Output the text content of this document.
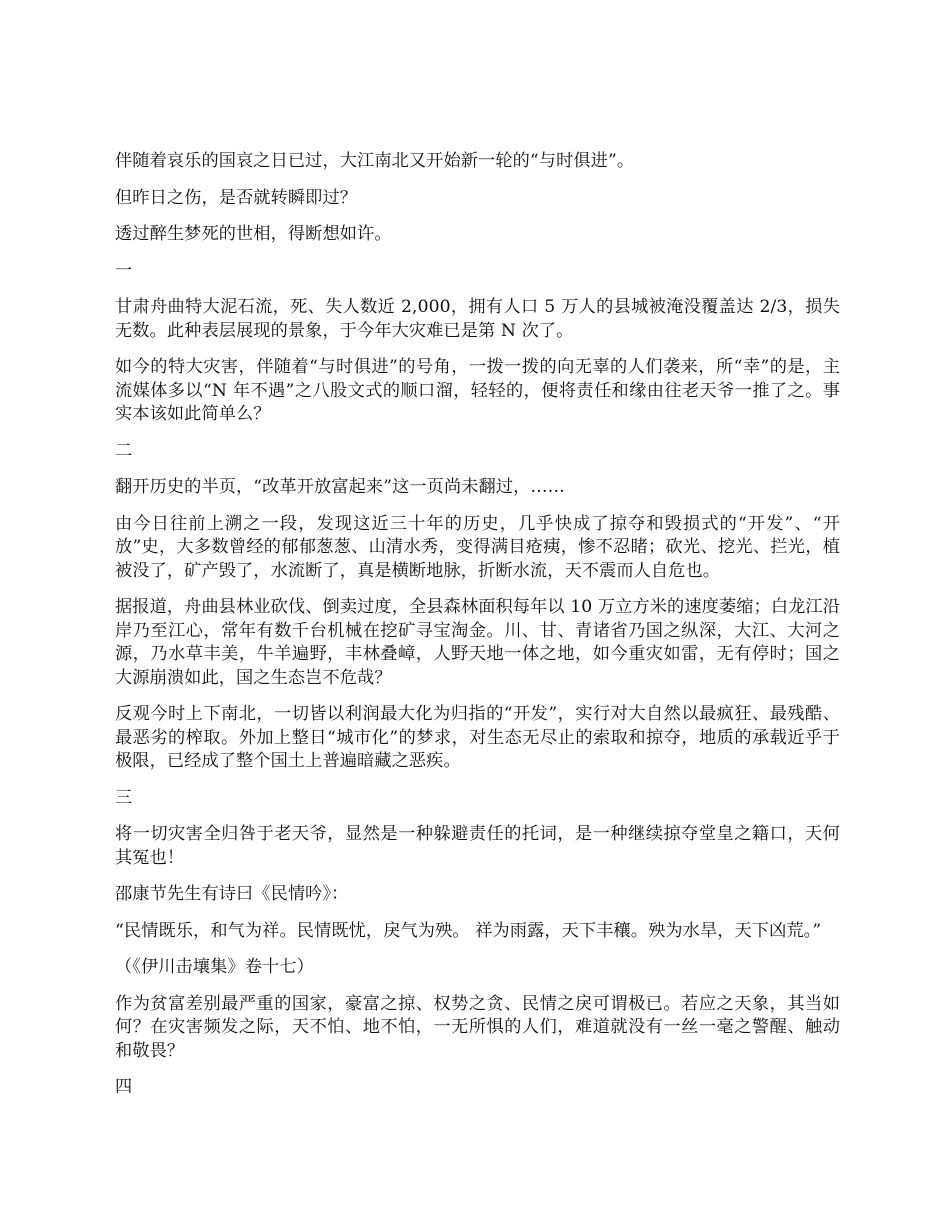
伴随着哀乐的国哀之日已过，大江南北又开始新一轮的“与时俱进”。

但昨日之伤，是否就转瞬即过？

透过醉生梦死的世相，得断想如许。

一

甘肃舟曲特大泥石流，死、失人数近 2,000，拥有人口 5 万人的县城被淹没覆盖达 2/3，损失无数。此种表层展现的景象，于今年大灾难已是第 N 次了。

如今的特大灾害，伴随着“与时俱进”的号角，一拨一拨的向无辜的人们袭来，所“幸”的是，主流媒体多以“N 年不遇”之八股文式的顺口溜，轻轻的，便将责任和缘由往老天爷一推了之。事实本该如此简单么？

二

翻开历史的半页，“改革开放富起来”这一页尚未翻过，……

由今日往前上溯之一段，发现这近三十年的历史，几乎快成了掠夺和毁损式的“开发”、“开放”史，大多数曾经的郁郁葱葱、山清水秀，变得满目疮痍，惨不忍睹；砍光、挖光、拦光，植被没了，矿产毁了，水流断了，真是横断地脉，折断水流，天不震而人自危也。

据报道，舟曲县林业砍伐、倒卖过度，全县森林面积每年以 10 万立方米的速度萎缩；白龙江沿岸乃至江心，常年有数千台机械在挖矿寻宝淘金。川、甘、青诸省乃国之纵深，大江、大河之源，乃水草丰美，牛羊遍野，丰林叠嶂，人野天地一体之地，如今重灾如雷，无有停时；国之大源崩溃如此，国之生态岂不危哉？

反观今时上下南北，一切皆以利润最大化为归指的“开发”，实行对大自然以最疯狂、最残酷、最恶劣的榨取。外加上整日“城市化”的梦求，对生态无尽止的索取和掠夺，地质的承载近乎于极限，已经成了整个国土上普遍暗藏之恶疾。

三

将一切灾害全归咎于老天爷，显然是一种躲避责任的托词，是一种继续掠夺堂皇之籍口，天何其冤也！

邵康节先生有诗曰《民情吟》：

“民情既乐，和气为祥。民情既忧，戾气为殃。 祥为雨露，天下丰穰。殃为水旱，天下凶荒。”

（《伊川击壤集》卷十七）

作为贫富差别最严重的国家，豪富之掠、权势之贪、民情之戾可谓极已。若应之天象，其当如何？在灾害频发之际，天不怕、地不怕，一无所惧的人们，难道就没有一丝一毫之警醒、触动和敬畏？

四
